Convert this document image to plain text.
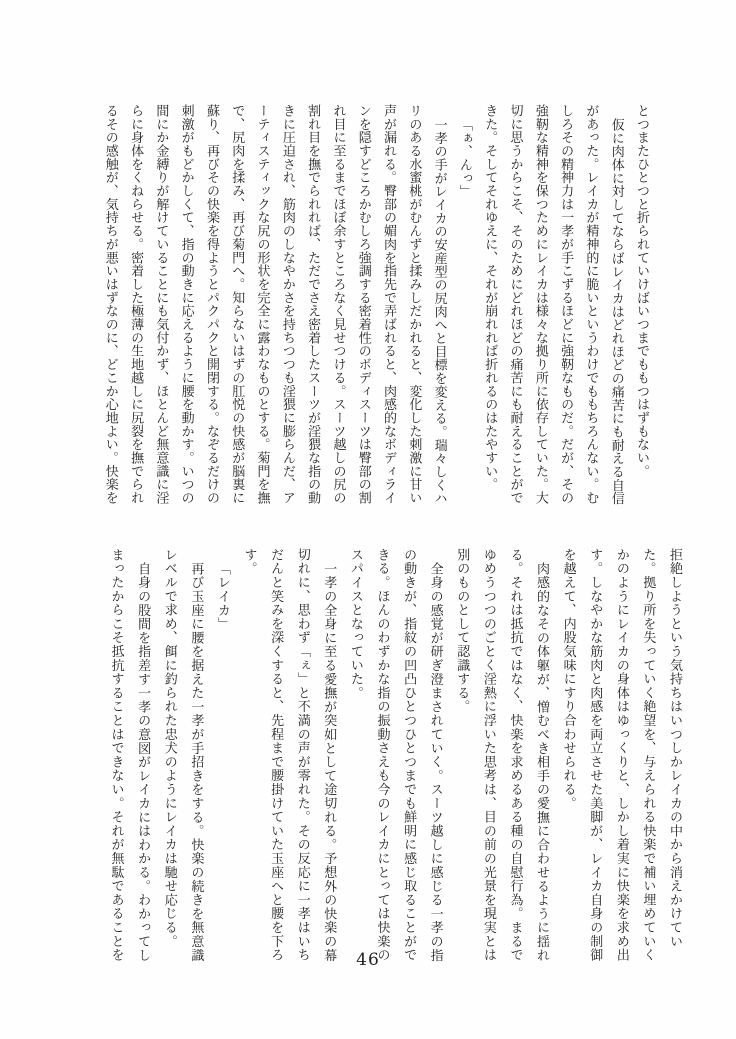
とつまたひとつと折られていけばいつまでももつはずもない。
仮に肉体に対してならばレイカはどれほどの痛苦にも耐える自信
があった。レイカが精神的に脆いというわけでももちろんない。む
しろその精神力は一孝が手こずるほどに強靭なものだ。だが、その
強靭な精神を保つためにレイカは様々な拠り所に依存していた。大
切に思うからこそ、そのためにどれほどの痛苦にも耐えることがで
きた。そしてそれゆえに、それが崩れれば折れるのはたやすい。
「ぁ、んっ」
一孝の手がレイカの安産型の尻肉へと目標を変える。瑞々しくハ
リのある水蜜桃がむんずと揉みしだかれると、変化した刺激に甘い
声が漏れる。臀部の媚肉を指先で弄ばれると、肉感的なボディライ
ンを隠すどころかむしろ強調する密着性のボディスーツは臀部の割
れ目に至るまでほぼ余すところなく見せつける。スーツ越しの尻の
割れ目を撫でられれば、ただでさえ密着したスーツが淫猥な指の動
きに圧迫され、筋肉のしなやかさを持ちつつも淫猥に膨らんだ、ア
ーティスティックな尻の形状を完全に露わなものとする。菊門を撫
で、尻肉を揉み、再び菊門へ。知らないはずの肛悦の快感が脳裏に
蘇り、再びその快楽を得ようとパクパクと開閉する。なぞるだけの
刺激がもどかしくて、指の動きに応えるように腰を動かす。いつの
間にか金縛りが解けていることにも気付かず、ほとんど無意識に淫
らに身体をくねらせる。密着した極薄の生地越しに尻裂を撫でられ
るその感触が、気持ちが悪いはずなのに、どこか心地よい。快楽を
拒絶しようという気持ちはいつしかレイカの中から消えかけてい
た。拠り所を失っていく絶望を、与えられる快楽で補い埋めていく
かのようにレイカの身体はゆっくりと、しかし着実に快楽を求め出
す。しなやかな筋肉と肉感を両立させた美脚が、レイカ自身の制御
を越えて、内股気味にすり合わせられる。
肉感的なその体躯が、憎むべき相手の愛撫に合わせるように揺れ
る。それは抵抗ではなく、快楽を求めるある種の自慰行為。まるで
ゆめうつつのごとく淫熱に浮いた思考は、目の前の光景を現実とは
別のものとして認識する。
全身の感覚が研ぎ澄まされていく。スーツ越しに感じる一孝の指
の動きが、指紋の凹凸ひとつひとつまでも鮮明に感じ取ることがで
きる。ほんのわずかな指の振動さえも今のレイカにとっては快楽の
スパイスとなっていた。
一孝の全身に至る愛撫が突如として途切れる。予想外の快楽の幕
切れに、思わず「ぇ」と不満の声が零れた。その反応に一孝はいち
だんと笑みを深くすると、先程まで腰掛けていた玉座へと腰を下ろ
す。
「レイカ」
再び玉座に腰を据えた一孝が手招きをする。快楽の続きを無意識
レベルで求め、餌に釣られた忠犬のようにレイカは馳せ応じる。
自身の股間を指差す一孝の意図がレイカにはわかる。わかってし
まったからこそ抵抗することはできない。それが無駄であることを	46
